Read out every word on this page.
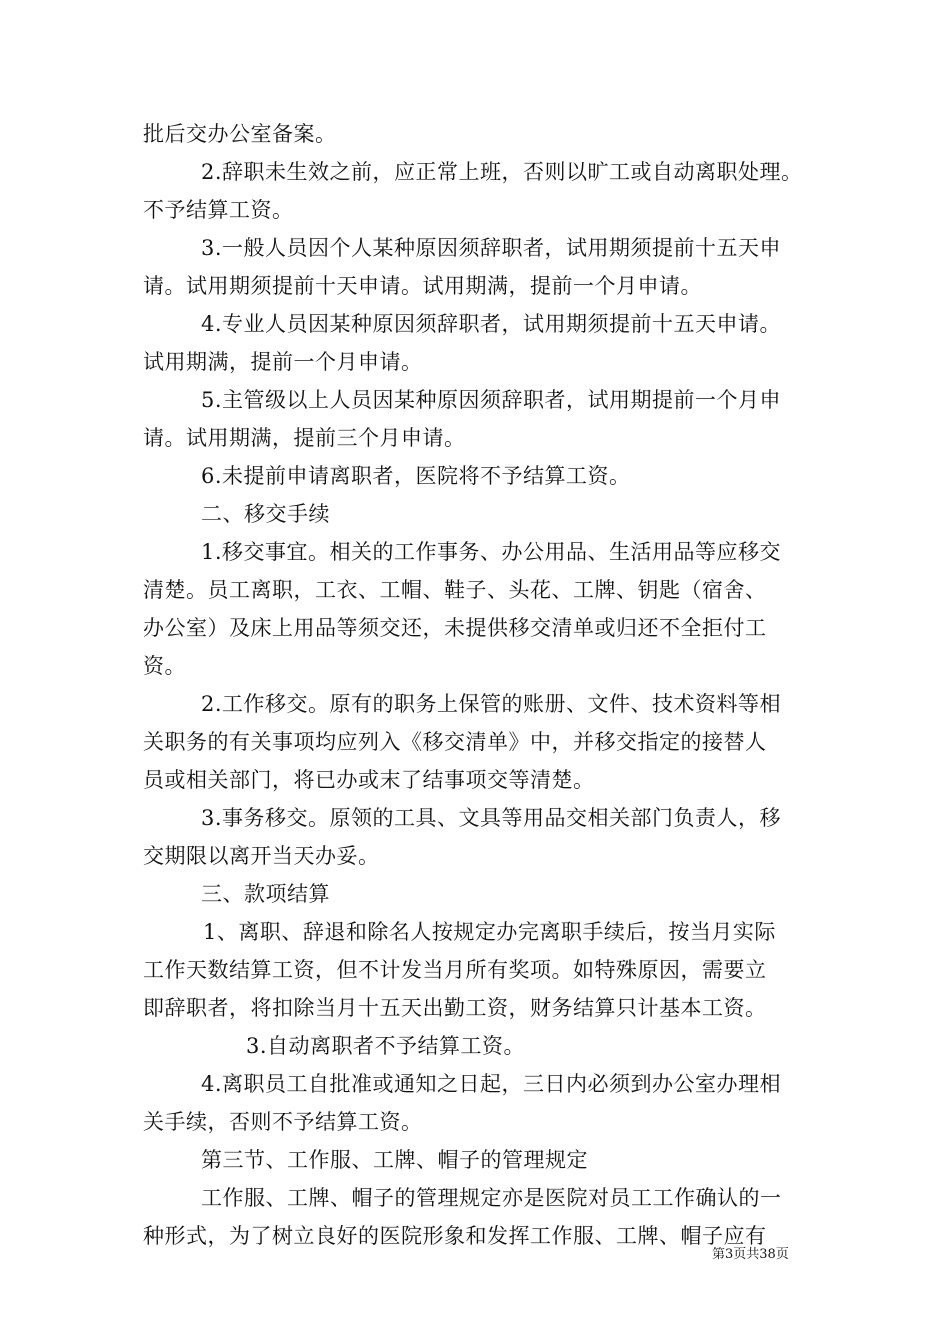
批后交办公室备案。
2.辞职未生效之前，应正常上班，否则以旷工或自动离职处理。
不予结算工资。
3.一般人员因个人某种原因须辞职者，试用期须提前十五天申
请。试用期须提前十天申请。试用期满，提前一个月申请。
4.专业人员因某种原因须辞职者，试用期须提前十五天申请。
试用期满，提前一个月申请。
5.主管级以上人员因某种原因须辞职者，试用期提前一个月申
请。试用期满，提前三个月申请。
6.未提前申请离职者，医院将不予结算工资。
二、移交手续
1.移交事宜。相关的工作事务、办公用品、生活用品等应移交
清楚。员工离职，工衣、工帽、鞋子、头花、工牌、钥匙（宿舍、
办公室）及床上用品等须交还，未提供移交清单或归还不全拒付工
资。
2.工作移交。原有的职务上保管的账册、文件、技术资料等相
关职务的有关事项均应列入《移交清单》中，并移交指定的接替人
员或相关部门，将已办或末了结事项交等清楚。
3.事务移交。原领的工具、文具等用品交相关部门负责人，移
交期限以离开当天办妥。
三、款项结算
1、离职、辞退和除名人按规定办完离职手续后，按当月实际
工作天数结算工资，但不计发当月所有奖项。如特殊原因，需要立
即辞职者，将扣除当月十五天出勤工资，财务结算只计基本工资。
3.自动离职者不予结算工资。
4.离职员工自批准或通知之日起，三日内必须到办公室办理相
关手续，否则不予结算工资。
第三节、工作服、工牌、帽子的管理规定
工作服、工牌、帽子的管理规定亦是医院对员工工作确认的一
种形式，为了树立良好的医院形象和发挥工作服、工牌、帽子应有
第3页共38页
